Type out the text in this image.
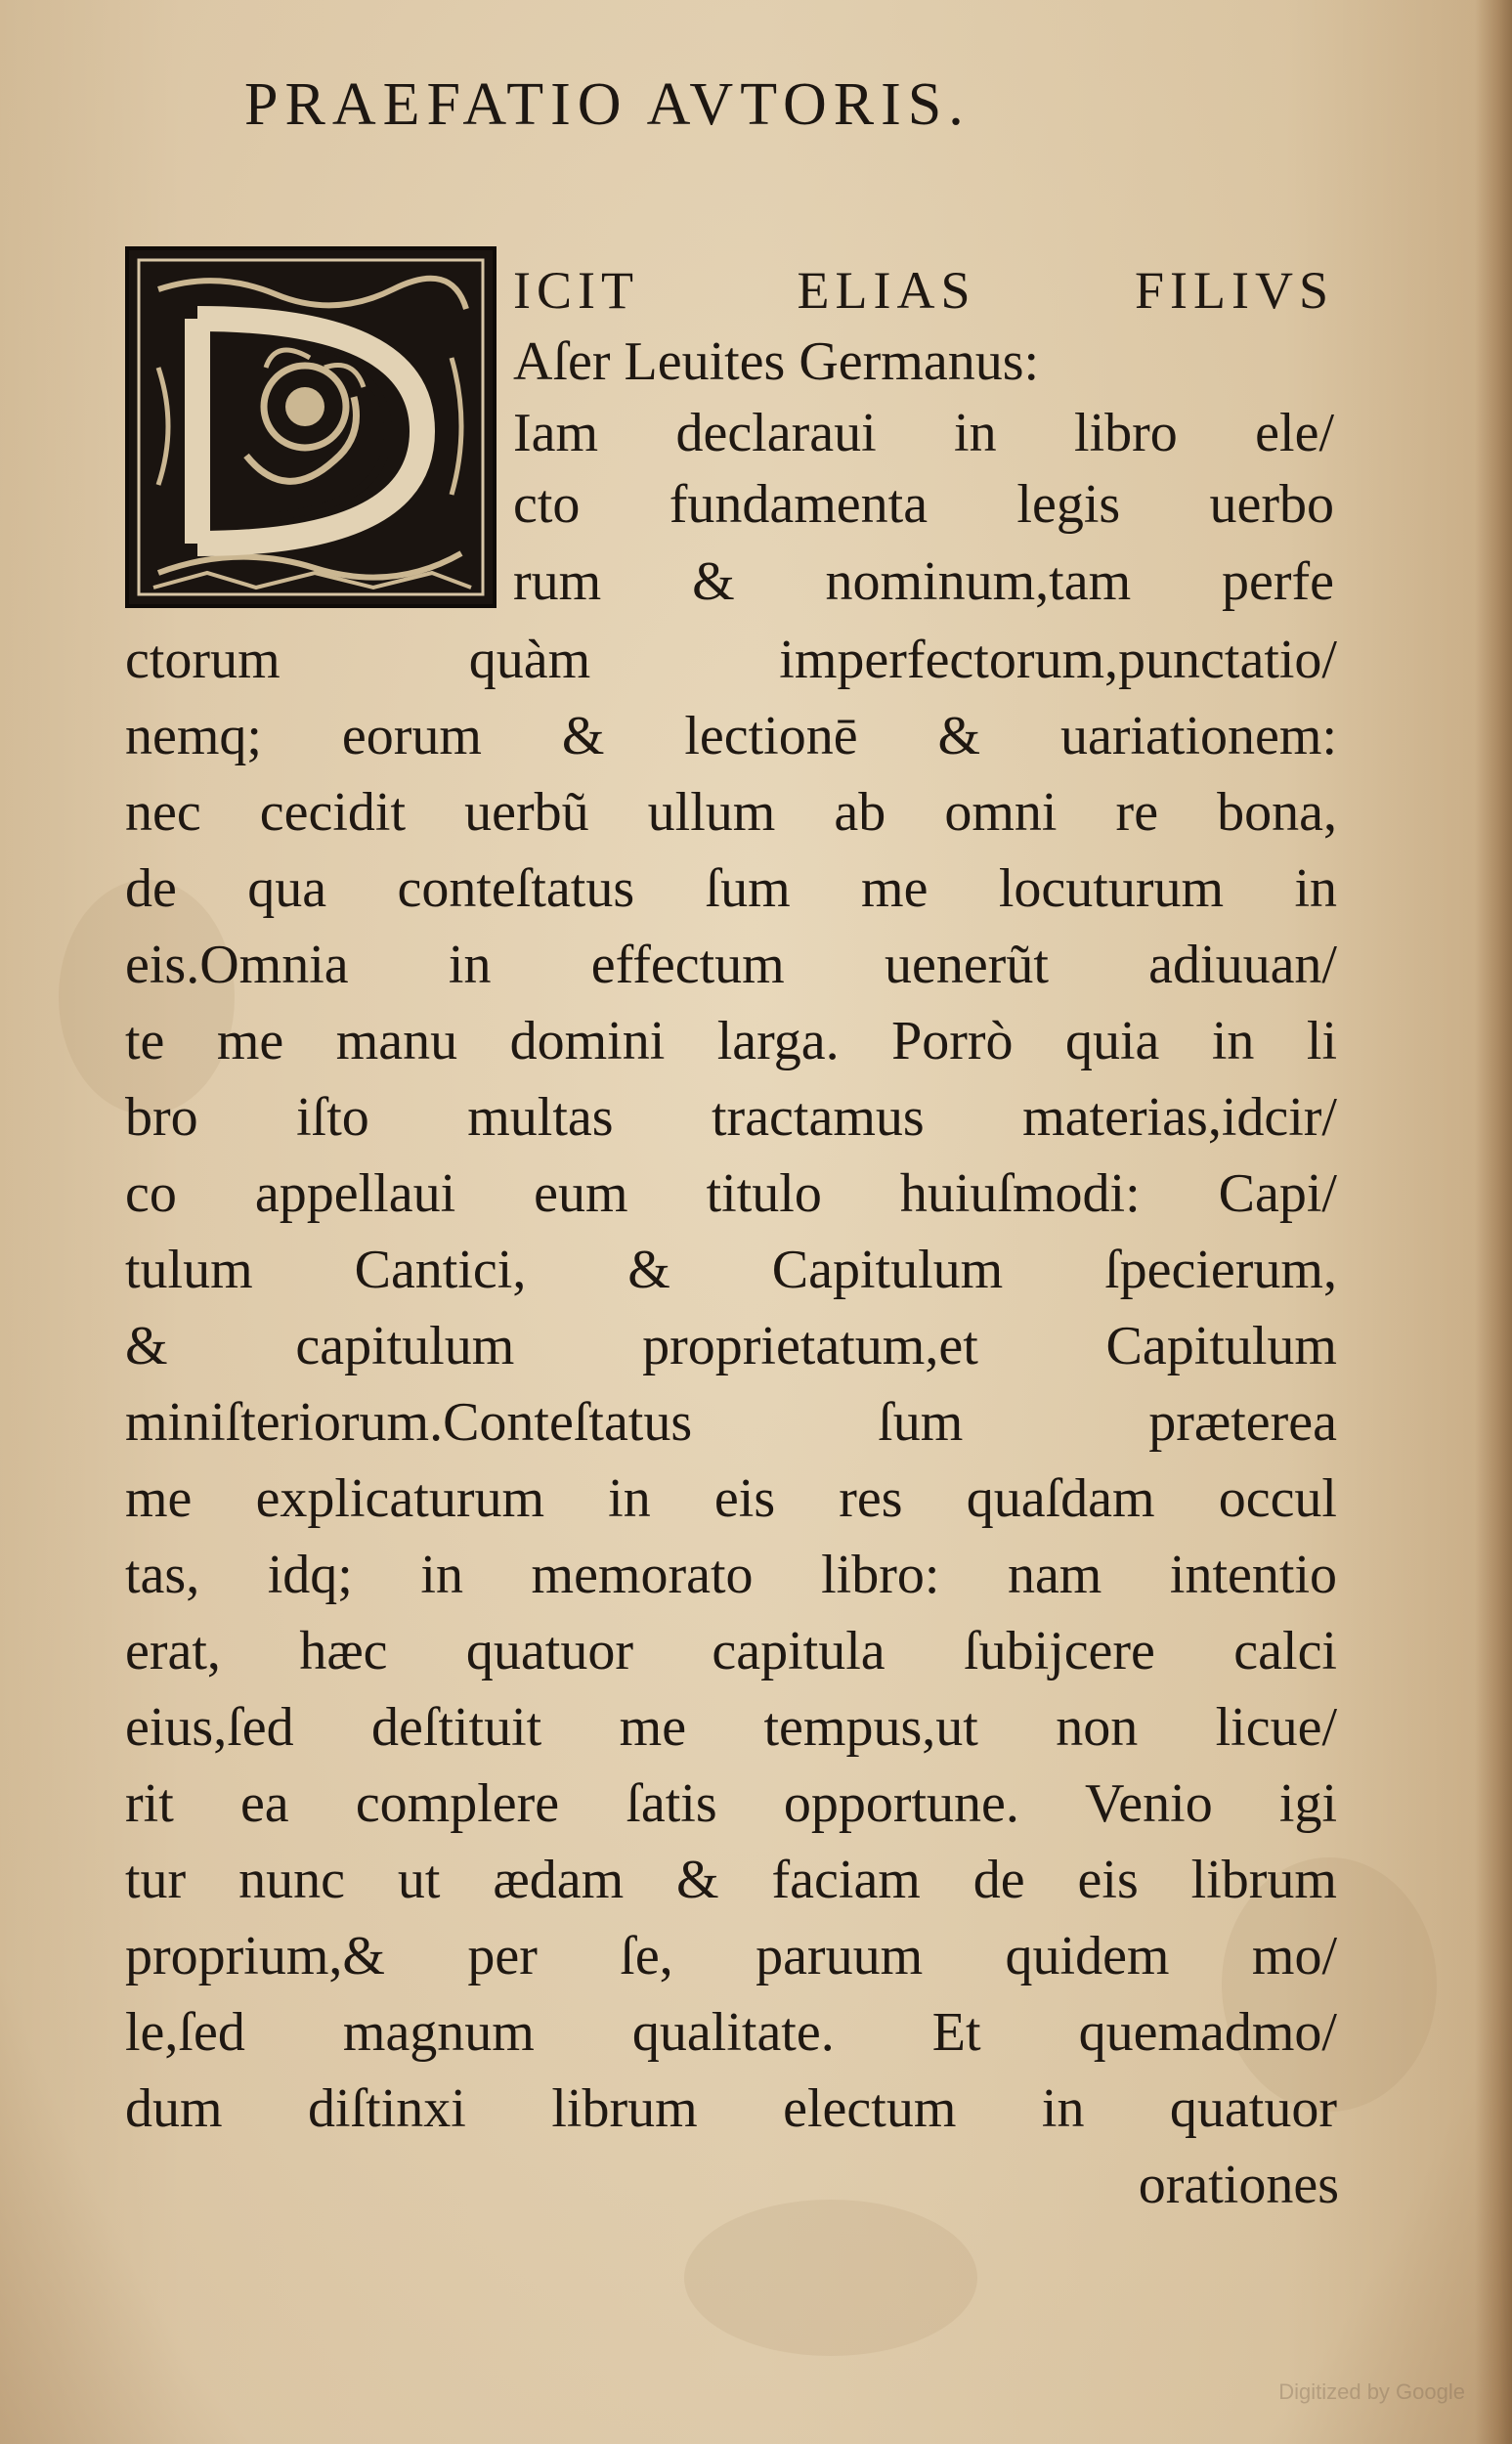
PRAEFATIO AVTORIS.
ICIT ELIAS FILIVS
Aſer Leuites Germanus:
Iam declaraui in libro ele/
cto fundamenta legis uerbo
rum & nominum,tam perfe
ctorum quàm imperfectorum,punctatio/
nemq; eorum & lectionē & uariationem:
nec cecidit uerbũ ullum ab omni re bona,
de qua conteſtatus ſum me locuturum in
eis.Omnia in effectum uenerũt adiuuan/
te me manu domini larga. Porrò quia in li
bro iſto multas tractamus materias,idcir/
co appellaui eum titulo huiuſmodi: Capi/
tulum Cantici, & Capitulum ſpecierum,
& capitulum proprietatum,et Capitulum
miniſteriorum.Conteſtatus ſum præterea
me explicaturum in eis res quaſdam occul
tas, idq; in memorato libro: nam intentio
erat, hæc quatuor capitula ſubijcere calci
eius,ſed deſtituit me tempus,ut non licue/
rit ea complere ſatis opportune. Venio igi
tur nunc ut ædam & faciam de eis librum
proprium,& per ſe, paruum quidem mo/
le,ſed magnum qualitate. Et quemadmo/
dum diſtinxi librum electum in quatuor
orationes
Digitized by Google
